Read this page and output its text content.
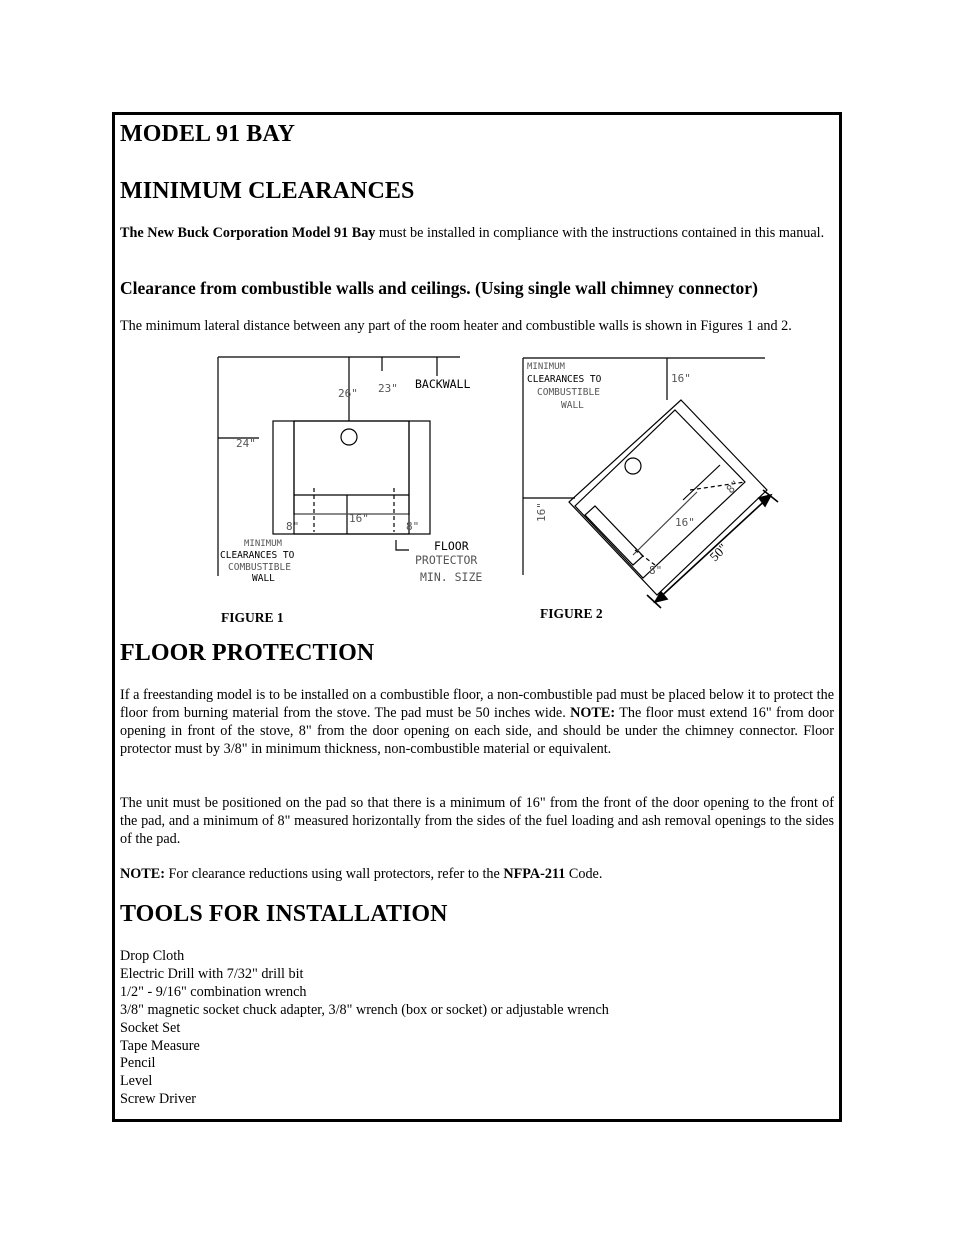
MODEL 91 BAY
MINIMUM CLEARANCES

The New Buck Corporation Model 91 Bay must be installed in compliance with the instructions contained in this manual.

Clearance from combustible walls and ceilings. (Using single wall chimney connector)

The minimum lateral distance between any part of the room heater and combustible walls is shown in Figures 1 and 2.

26" 23" BACKWALL
24"
16"
8"	8"
MINIMUM
CLEARANCES TO
COMBUSTIBLE
WALL
FLOOR
PROTECTOR
MIN. SIZE
FIGURE 1
MINIMUM
CLEARANCES TO
COMBUSTIBLE
WALL
16"
16"
8"
16"
8"
50"
FIGURE 2
FLOOR PROTECTION

If a freestanding model is to be installed on a combustible floor, a non-combustible pad must be placed below it to protect the floor from burning material from the stove. The pad must be 50 inches wide. NOTE: The floor must extend 16" from door opening in front of the stove, 8" from the door opening on each side, and should be under the chimney connector. Floor protector must by 3/8" in minimum thickness, non-combustible material or equivalent.

The unit must be positioned on the pad so that there is a minimum of 16" from the front of the door opening to the front of the pad, and a minimum of 8" measured horizontally from the sides of the fuel loading and ash removal openings to the sides of the pad.

NOTE: For clearance reductions using wall protectors, refer to the NFPA-211 Code.

TOOLS FOR INSTALLATION
Drop Cloth
Electric Drill with 7/32" drill bit
1/2" - 9/16" combination wrench
3/8" magnetic socket chuck adapter, 3/8" wrench (box or socket) or adjustable wrench
Socket Set
Tape Measure
Pencil
Level
Screw Driver
